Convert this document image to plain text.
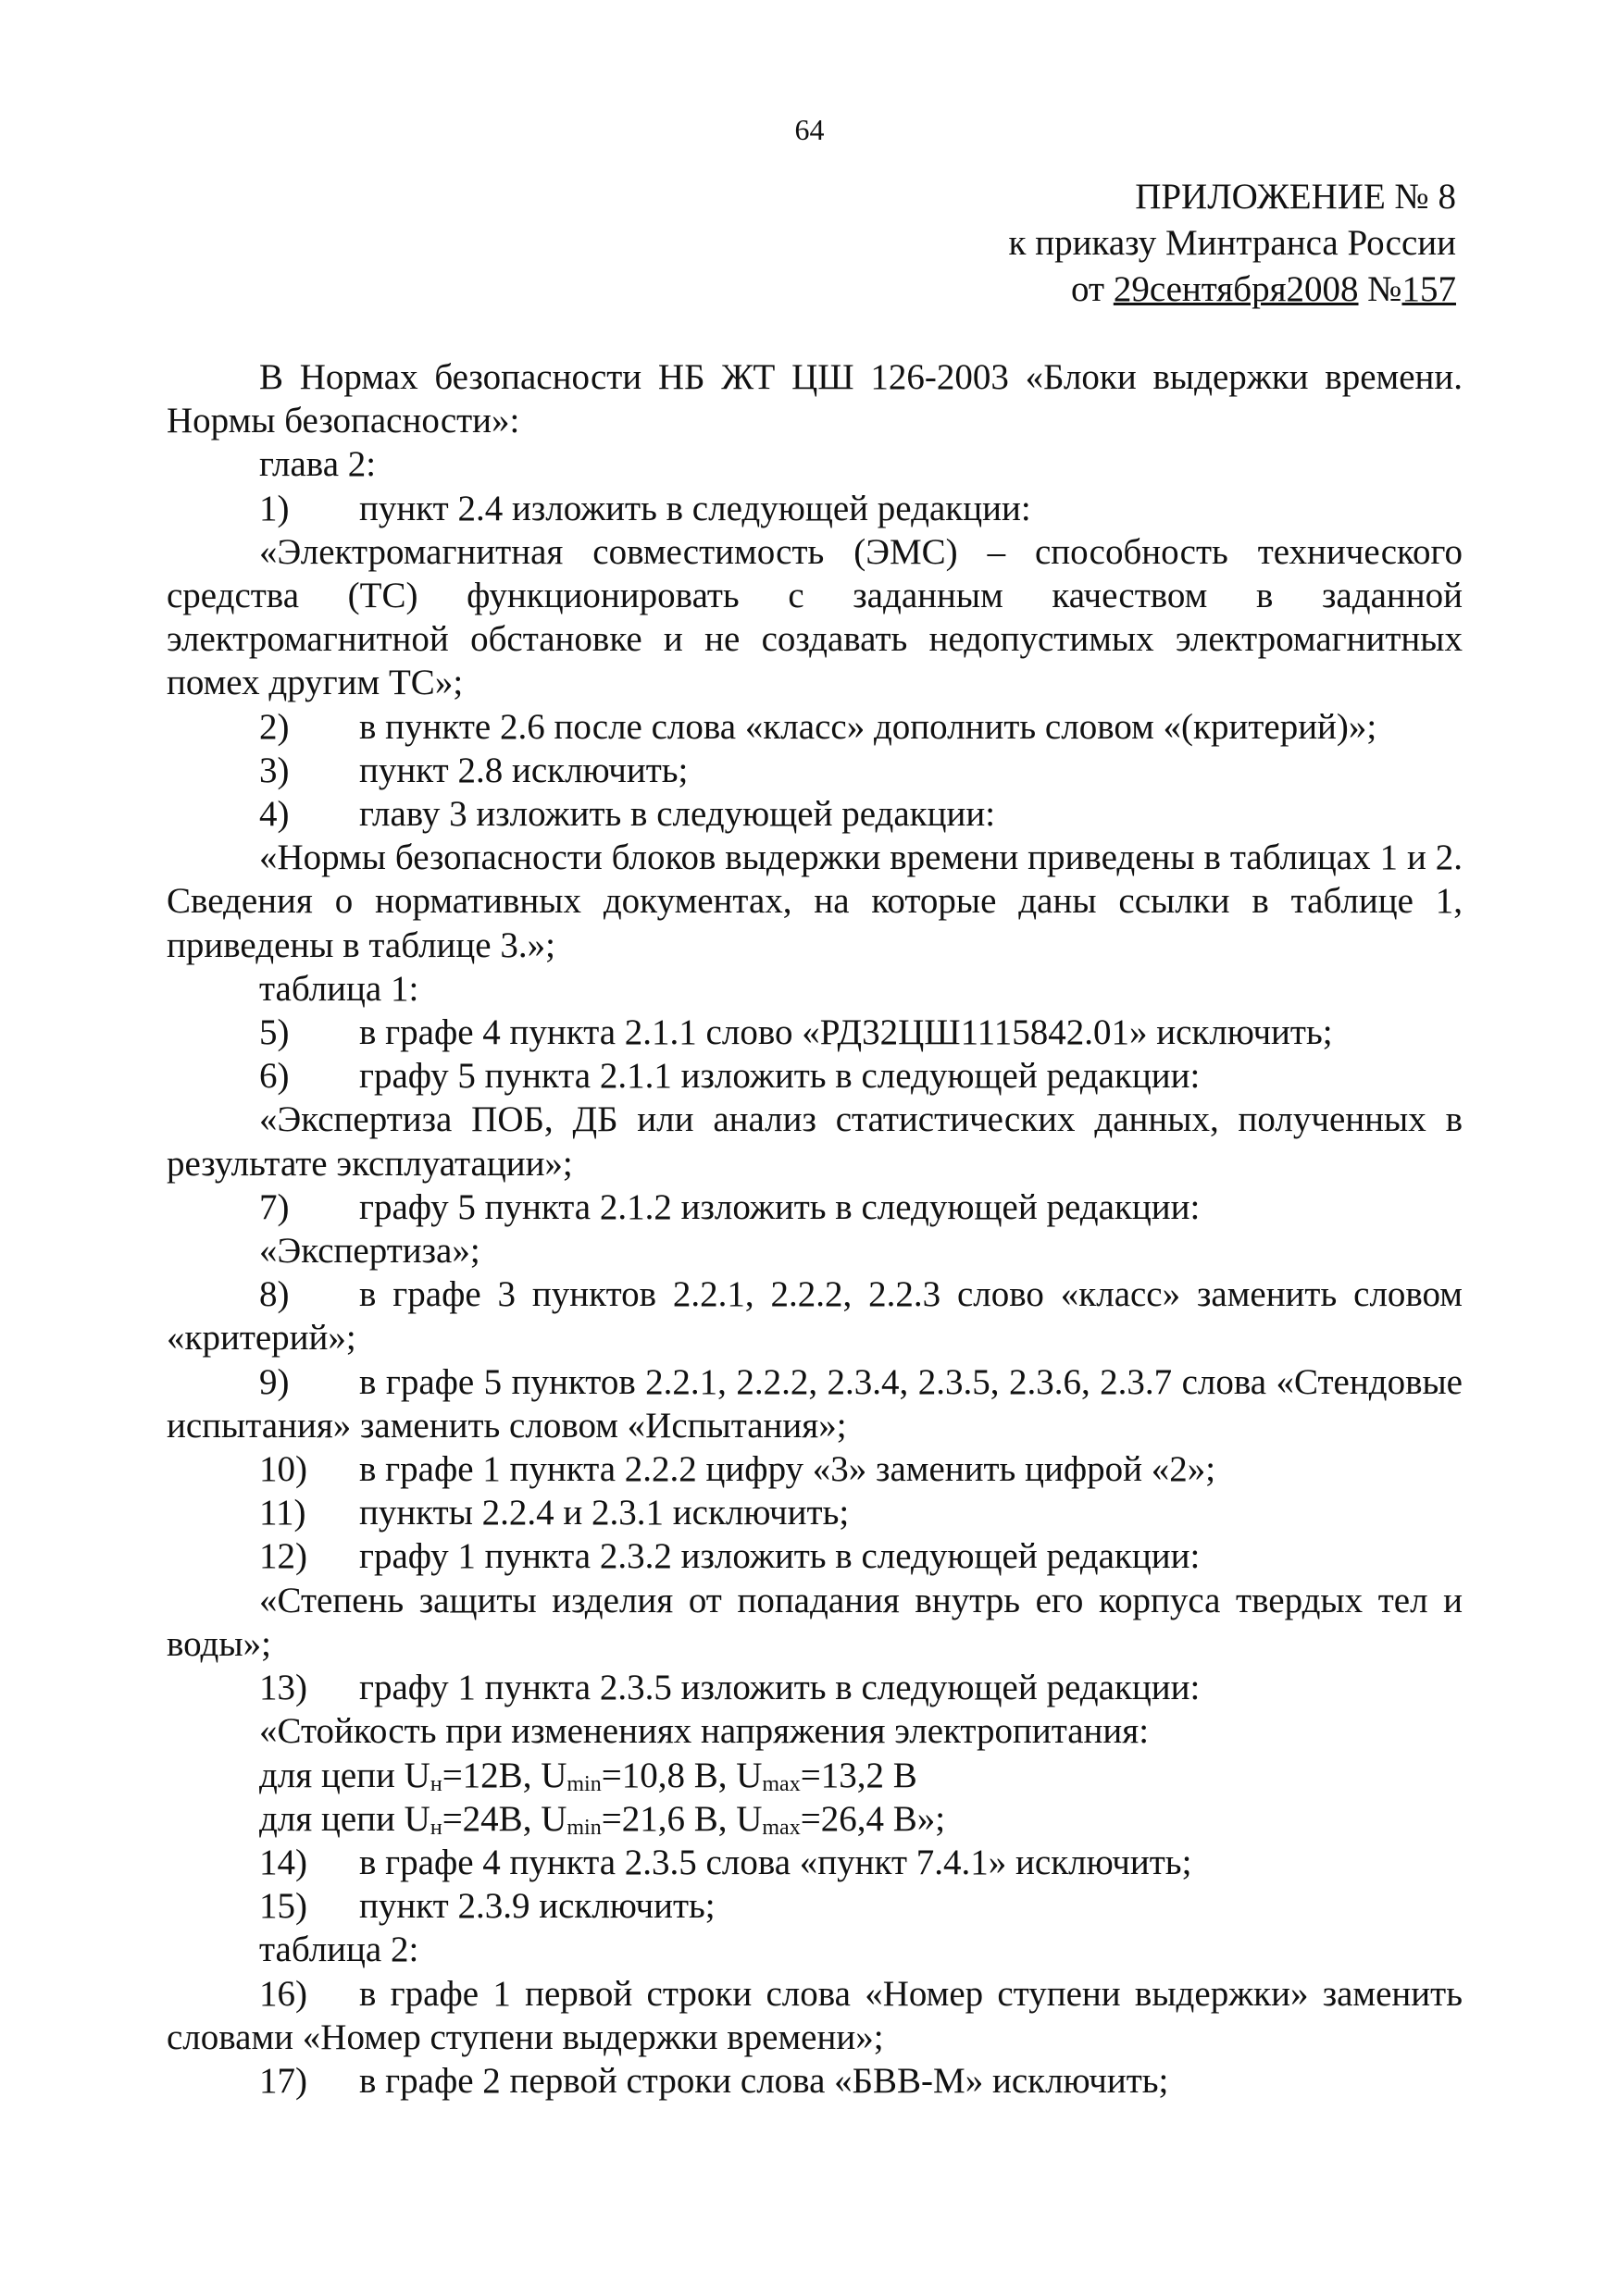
64
ПРИЛОЖЕНИЕ № 8
к приказу Минтранса России
от 29сентября2008 №157

В Нормах безопасности НБ ЖТ ЦШ 126-2003 «Блоки выдержки времени. Нормы безопасности»:

глава 2:

1) пункт 2.4 изложить в следующей редакции:

«Электромагнитная совместимость (ЭМС) – способность технического средства (ТС) функционировать с заданным качеством в заданной электромагнитной обстановке и не создавать недопустимых электромагнитных помех другим ТС»;

2) в пункте 2.6 после слова «класс» дополнить словом «(критерий)»;

3) пункт 2.8 исключить;

4) главу 3 изложить в следующей редакции:

«Нормы безопасности блоков выдержки времени приведены в таблицах 1 и 2. Сведения о нормативных документах, на которые даны ссылки в таблице 1, приведены в таблице 3.»;

таблица 1:

5) в графе 4 пункта 2.1.1 слово «РД32ЦШ1115842.01» исключить;

6) графу 5 пункта 2.1.1 изложить в следующей редакции:

«Экспертиза ПОБ, ДБ или анализ статистических данных, полученных в результате эксплуатации»;

7) графу 5 пункта 2.1.2 изложить в следующей редакции:

«Экспертиза»;

8) в графе 3 пунктов 2.2.1, 2.2.2, 2.2.3 слово «класс» заменить словом «критерий»;

9) в графе 5 пунктов 2.2.1, 2.2.2, 2.3.4, 2.3.5, 2.3.6, 2.3.7 слова «Стендовые испытания» заменить словом «Испытания»;

10) в графе 1 пункта 2.2.2 цифру «3» заменить цифрой «2»;

11) пункты 2.2.4 и 2.3.1 исключить;

12) графу 1 пункта 2.3.2 изложить в следующей редакции:

«Степень защиты изделия от попадания внутрь его корпуса твердых тел и воды»;

13) графу 1 пункта 2.3.5 изложить в следующей редакции:

«Стойкость при изменениях напряжения электропитания:

для цепи $U_н=12В$, $U_{min}=10,8$ В, $U_{max}=13,2$ В

для цепи $U_н=24В$, $U_{min}=21,6$ В, $U_{max}=26,4$ В»;

14) в графе 4 пункта 2.3.5 слова «пункт 7.4.1» исключить;

15) пункт 2.3.9 исключить;

таблица 2:

16) в графе 1 первой строки слова «Номер ступени выдержки» заменить словами «Номер ступени выдержки времени»;

17) в графе 2 первой строки слова «БВВ-М» исключить;
